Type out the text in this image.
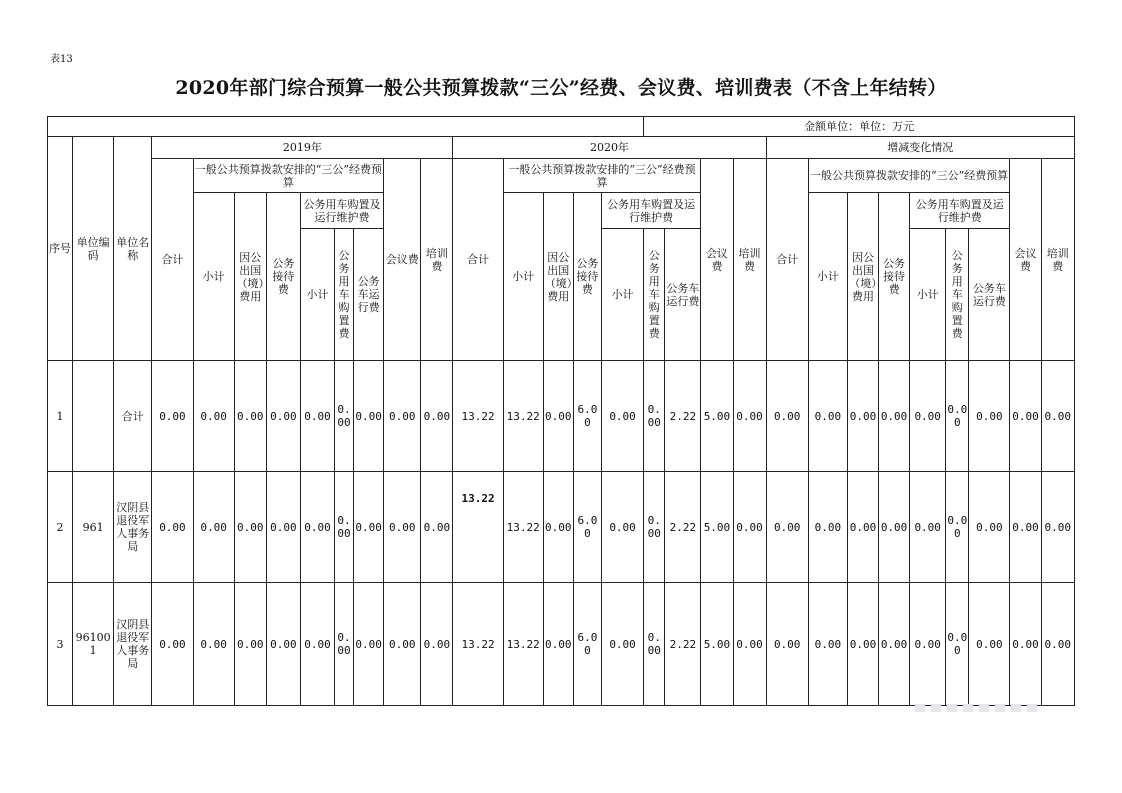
表13
2020年部门综合预算一般公共预算拨款“三公”经费、会议费、培训费表（不含上年结转）
																	金额单位：单位：万元												
序号	单位编码	单位名称	2019年									2020年									增减变化情况								
			合计	一般公共预算拨款安排的“三公”经费预算						会议费	培训费	合计	一般公共预算拨款安排的“三公”经费预算						会议费	培训费	合计	一般公共预算拨款安排的“三公”经费预算						会议费	培训费
				小计	因公出国（境）费用	公务接待费	公务用车购置及运行维护费						小计	因公出国（境）费用	公务接待费	公务用车购置及运行维护费						小计	因公出国（境）费用	公务接待费	公务用车购置及运行维护费				
							小计	公务用车购置费	公务车运行费							小计	公务用车购置费	公务车运行费							小计	公务用车购置费	公务车运行费		

1		合计	0.00	0.00	0.00	0.00	0.00	0.00	0.00	0.00	0.00	13.22	13.22	0.00	6.00	0.00	0.00	2.22	5.00	0.00	0.00	0.00	0.00	0.00	0.00	0.00	0.00	0.00	0.00
2	961	汉阴县退役军人事务局	0.00	0.00	0.00	0.00	0.00	0.00	0.00	0.00	0.00	13.22	13.22	0.00	6.00	0.00	0.00	2.22	5.00	0.00	0.00	0.00	0.00	0.00	0.00	0.00	0.00	0.00	0.00
3	961001	汉阴县退役军人事务局	0.00	0.00	0.00	0.00	0.00	0.00	0.00	0.00	0.00	13.22	13.22	0.00	6.00	0.00	0.00	2.22	5.00	0.00	0.00	0.00	0.00	0.00	0.00	0.00	0.00	0.00	0.00
